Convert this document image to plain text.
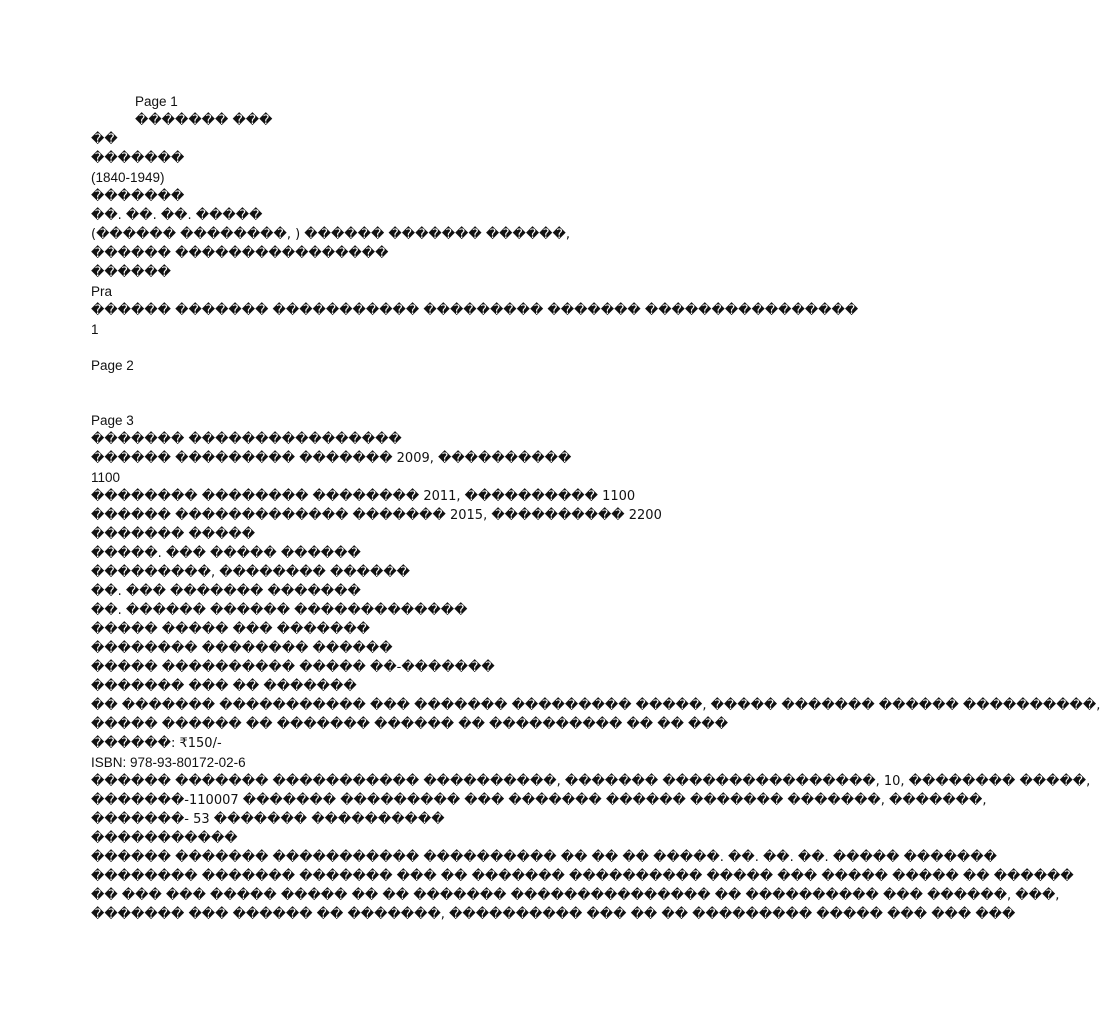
Page 1
������� ���
��
�������
(1840-1949)
�������
��. ��. ��. �����
(������ ��������, ) ������ ������� ������,
������ ����������������
������
Pra
������ ������� ����������� ��������� ������� ����������������
1
Page 2
Page 3
������� ����������������
������ ��������� ������� 2009, ����������
1100
�������� �������� �������� 2011, ���������� 1100
������ ������������� ������� 2015, ���������� 2200
������� �����
�����. ��� ����� ������
���������, �������� ������
��. ��� ������� �������
��. ������ ������ �������������
����� ����� ��� �������
�������� �������� ������
����� ���������� ����� ��-�������
������� ��� �� �������
�� ������� ����������� ��� ������� ��������� �����, ����� ������� ������ ����������,
����� ������ �� ������� ������ �� ���������� �� �� ���
������: ₹150/-
ISBN: 978-93-80172-02-6
������ ������� ����������� ����������, ������� ����������������, 10, �������� �����,
�������-110007 ������� ��������� ��� ������� ������ ������� �������, �������,
�������- 53 ������� ����������
�����������
������ ������� ����������� ���������� �� �� �� �����. ��. ��. ��. ����� �������
�������� ������� ������� ��� �� ������� ���������� ����� ��� ����� ����� �� ������
�� ��� ��� ����� ����� �� �� ������� ��������������� �� ���������� ��� ������, ���,
������� ��� ������ �� �������, ���������� ��� �� �� ��������� ����� ��� ��� ���
